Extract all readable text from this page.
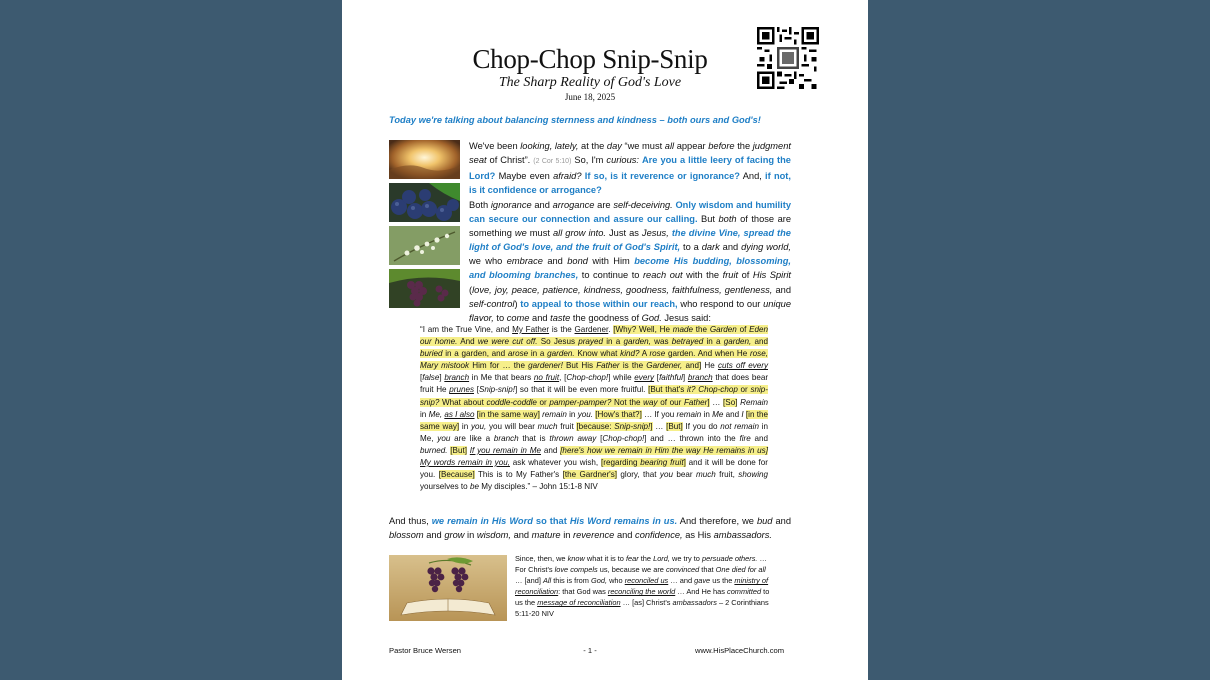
Chop-Chop Snip-Snip
The Sharp Reality of God's Love
June 18, 2025
Today we're talking about balancing sternness and kindness – both ours and God's!
We've been looking, lately, at the day “we must all appear before the judgment seat of Christ”. (2 Cor 5:10) So, I'm curious: Are you a little leery of facing the Lord? Maybe even afraid? If so, is it reverence or ignorance? And, if not, is it confidence or arrogance?
Both ignorance and arrogance are self-deceiving. Only wisdom and humility can secure our connection and assure our calling. But both of those are something we must all grow into. Just as Jesus, the divine Vine, spread the light of God's love, and the fruit of God's Spirit, to a dark and dying world, we who embrace and bond with Him become His budding, blossoming, and blooming branches, to continue to reach out with the fruit of His Spirit (love, joy, peace, patience, kindness, goodness, faithfulness, gentleness, and self-control) to appeal to those within our reach, who respond to our unique flavor, to come and taste the goodness of God. Jesus said:
“I am the True Vine, and My Father is the Gardener. [Why? Well, He made the Garden of Eden our home. And we were cut off. So Jesus prayed in a garden, was betrayed in a garden, and buried in a garden, and arose in a garden. Know what kind? A rose garden. And when He rose, Mary mistook Him for … the gardener! But His Father is the Gardener, and] He cuts off every [false] branch in Me that bears no fruit, [Chop-chop!] while every [faithful] branch that does bear fruit He prunes [Snip-snip!] so that it will be even more fruitful. [But that's it? Chop-chop or snip-snip? What about coddle-coddle or pamper-pamper? Not the way of our Father] … [So] Remain in Me, as I also [in the same way] remain in you. [How's that?] … If you remain in Me and I [in the same way] in you, you will bear much fruit [because: Snip-snip!] … [But] If you do not remain in Me, you are like a branch that is thrown away [Chop-chop!] and … thrown into the fire and burned. [But] If you remain in Me and [here's how we remain in Him the way He remains in us] My words remain in you, ask whatever you wish, [regarding bearing fruit] and it will be done for you. [Because] This is to My Father's [the Gardner's] glory, that you bear much fruit, showing yourselves to be My disciples.” – John 15:1-8 NIV
And thus, we remain in His Word so that His Word remains in us. And therefore, we bud and blossom and grow in wisdom, and mature in reverence and confidence, as His ambassadors.
Since, then, we know what it is to fear the Lord, we try to persuade others. … For Christ's love compels us, because we are convinced that One died for all … [and] All this is from God, who reconciled us … and gave us the ministry of reconciliation: that God was reconciling the world … And He has committed to us the message of reconciliation … [as] Christ's ambassadors – 2 Corinthians 5:11-20 NIV
Pastor Bruce Wersen	- 1 -	www.HisPlaceChurch.com
